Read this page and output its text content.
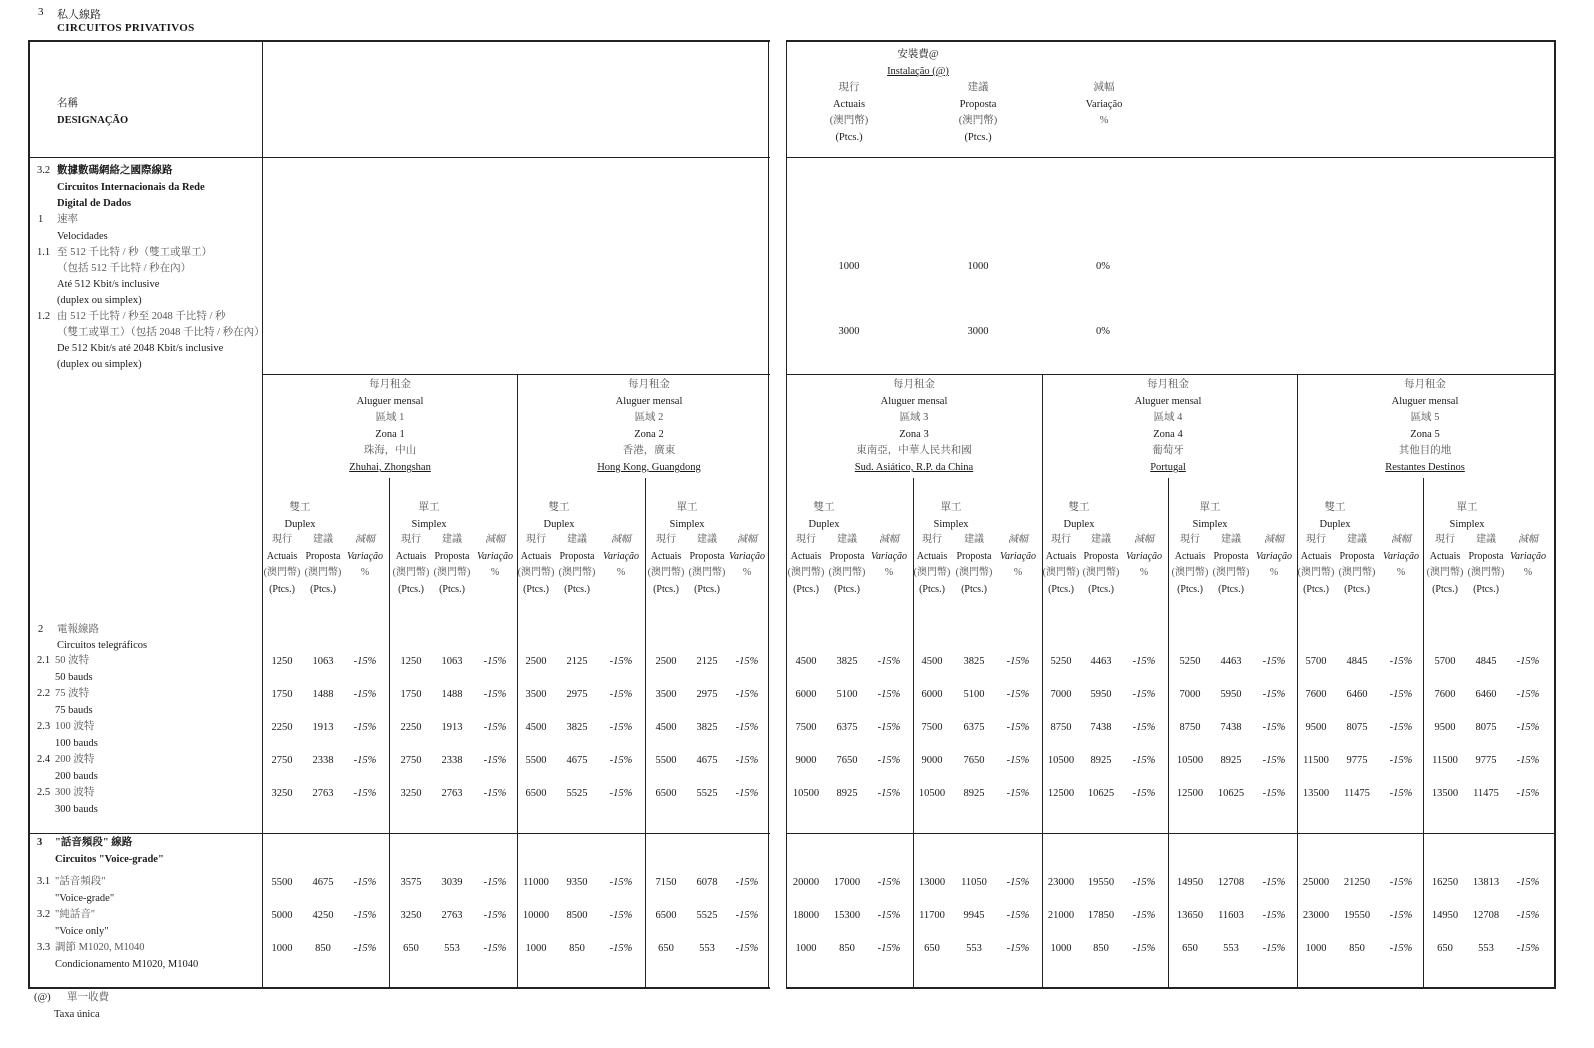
3 私人線路
CIRCUITOS PRIVATIVOS
名稱
DESIGNAÇÃO
安裝費@
Instalação (@)
現行
Actuais
(澳門幣)
(Ptcs.)
建議
Proposta
(澳門幣)
(Ptcs.)
減幅
Variação
%
3.2 數據數碼網絡之國際線路
Circuitos Internacionais da Rede
Digital de Dados
1 速率
Velocidades
1.1 至 512 千比特 / 秒（雙工或單工）
（包括 512 千比特 / 秒在內）
Até 512 Kbit/s inclusive
(duplex ou simplex)
1.2 由 512 千比特 / 秒至 2048 千比特 / 秒
（雙工或單工）（包括 2048 千比特 / 秒在內）
De 512 Kbit/s até 2048 Kbit/s inclusive
(duplex ou simplex)
1000	1000	0%
3000	3000	0%
每月租金
Aluguer mensal
區域 1
Zona 1
珠海，中山
Zhuhai, Zhongshan
雙工
Duplex
現行
Actuais
(澳門幣)
(Ptcs.)
建議
Proposta
(澳門幣)
(Ptcs.)
減幅
Variação
%
單工
Simplex
現行
Actuais
(澳門幣)
(Ptcs.)
建議
Proposta
(澳門幣)
(Ptcs.)
減幅
Variação
%
每月租金
Aluguer mensal
區域 2
Zona 2
香港，廣東
Hong Kong, Guangdong
雙工
Duplex
現行
Actuais
(澳門幣)
(Ptcs.)
建議
Proposta
(澳門幣)
(Ptcs.)
減幅
Variação
%
單工
Simplex
現行
Actuais
(澳門幣)
(Ptcs.)
建議
Proposta
(澳門幣)
(Ptcs.)
減幅
Variação
%
每月租金
Aluguer mensal
區域 3
Zona 3
東南亞，中華人民共和國
Sud. Asiático, R.P. da China
雙工
Duplex
現行
Actuais
(澳門幣)
(Ptcs.)
建議
Proposta
(澳門幣)
(Ptcs.)
減幅
Variação
%
單工
Simplex
現行
Actuais
(澳門幣)
(Ptcs.)
建議
Proposta
(澳門幣)
(Ptcs.)
減幅
Variação
%
每月租金
Aluguer mensal
區域 4
Zona 4
葡萄牙
Portugal
雙工
Duplex
現行
Actuais
(澳門幣)
(Ptcs.)
建議
Proposta
(澳門幣)
(Ptcs.)
減幅
Variação
%
單工
Simplex
現行
Actuais
(澳門幣)
(Ptcs.)
建議
Proposta
(澳門幣)
(Ptcs.)
減幅
Variação
%
每月租金
Aluguer mensal
區域 5
Zona 5
其他目的地
Restantes Destinos
雙工
Duplex
現行
Actuais
(澳門幣)
(Ptcs.)
建議
Proposta
(澳門幣)
(Ptcs.)
減幅
Variação
%
單工
Simplex
現行
Actuais
(澳門幣)
(Ptcs.)
建議
Proposta
(澳門幣)
(Ptcs.)
減幅
Variação
%
2 電報線路
Circuitos telegráficos
2.1 50 波特
50 bauds
1250	1063	-15%	1250	1063	-15%	2500	2125	-15%	2500	2125	-15%	4500	3825	-15%	4500	3825	-15%	5250	4463	-15%	5250	4463	-15%	5700	4845	-15%	5700	4845	-15%
2.2 75 波特
75 bauds
1750	1488	-15%	1750	1488	-15%	3500	2975	-15%	3500	2975	-15%	6000	5100	-15%	6000	5100	-15%	7000	5950	-15%	7000	5950	-15%	7600	6460	-15%	7600	6460	-15%
2.3 100 波特
100 bauds
2250	1913	-15%	2250	1913	-15%	4500	3825	-15%	4500	3825	-15%	7500	6375	-15%	7500	6375	-15%	8750	7438	-15%	8750	7438	-15%	9500	8075	-15%	9500	8075	-15%
2.4 200 波特
200 bauds
2750	2338	-15%	2750	2338	-15%	5500	4675	-15%	5500	4675	-15%	9000	7650	-15%	9000	7650	-15%	10500	8925	-15%	10500	8925	-15%	11500	9775	-15%	11500	9775	-15%
2.5 300 波特
300 bauds
3250	2763	-15%	3250	2763	-15%	6500	5525	-15%	6500	5525	-15%	10500	8925	-15%	10500	8925	-15%	12500	10625	-15%	12500	10625	-15%	13500	11475	-15%	13500	11475	-15%
3 "話音頻段" 線路
Circuitos "Voice-grade"
3.1 "話音頻段"
"Voice-grade"
5500	4675	-15%	3575	3039	-15%	11000	9350	-15%	7150	6078	-15%	20000	17000	-15%	13000	11050	-15%	23000	19550	-15%	14950	12708	-15%	25000	21250	-15%	16250	13813	-15%
3.2 "純話音"
"Voice only"
5000	4250	-15%	3250	2763	-15%	10000	8500	-15%	6500	5525	-15%	18000	15300	-15%	11700	9945	-15%	21000	17850	-15%	13650	11603	-15%	23000	19550	-15%	14950	12708	-15%
3.3 調節 M1020, M1040
Condicionamento M1020, M1040
1000	850	-15%	650	553	-15%	1000	850	-15%	650	553	-15%	1000	850	-15%	650	553	-15%	1000	850	-15%	650	553	-15%	1000	850	-15%	650	553	-15%
(@) 單一收費
Taxa única
